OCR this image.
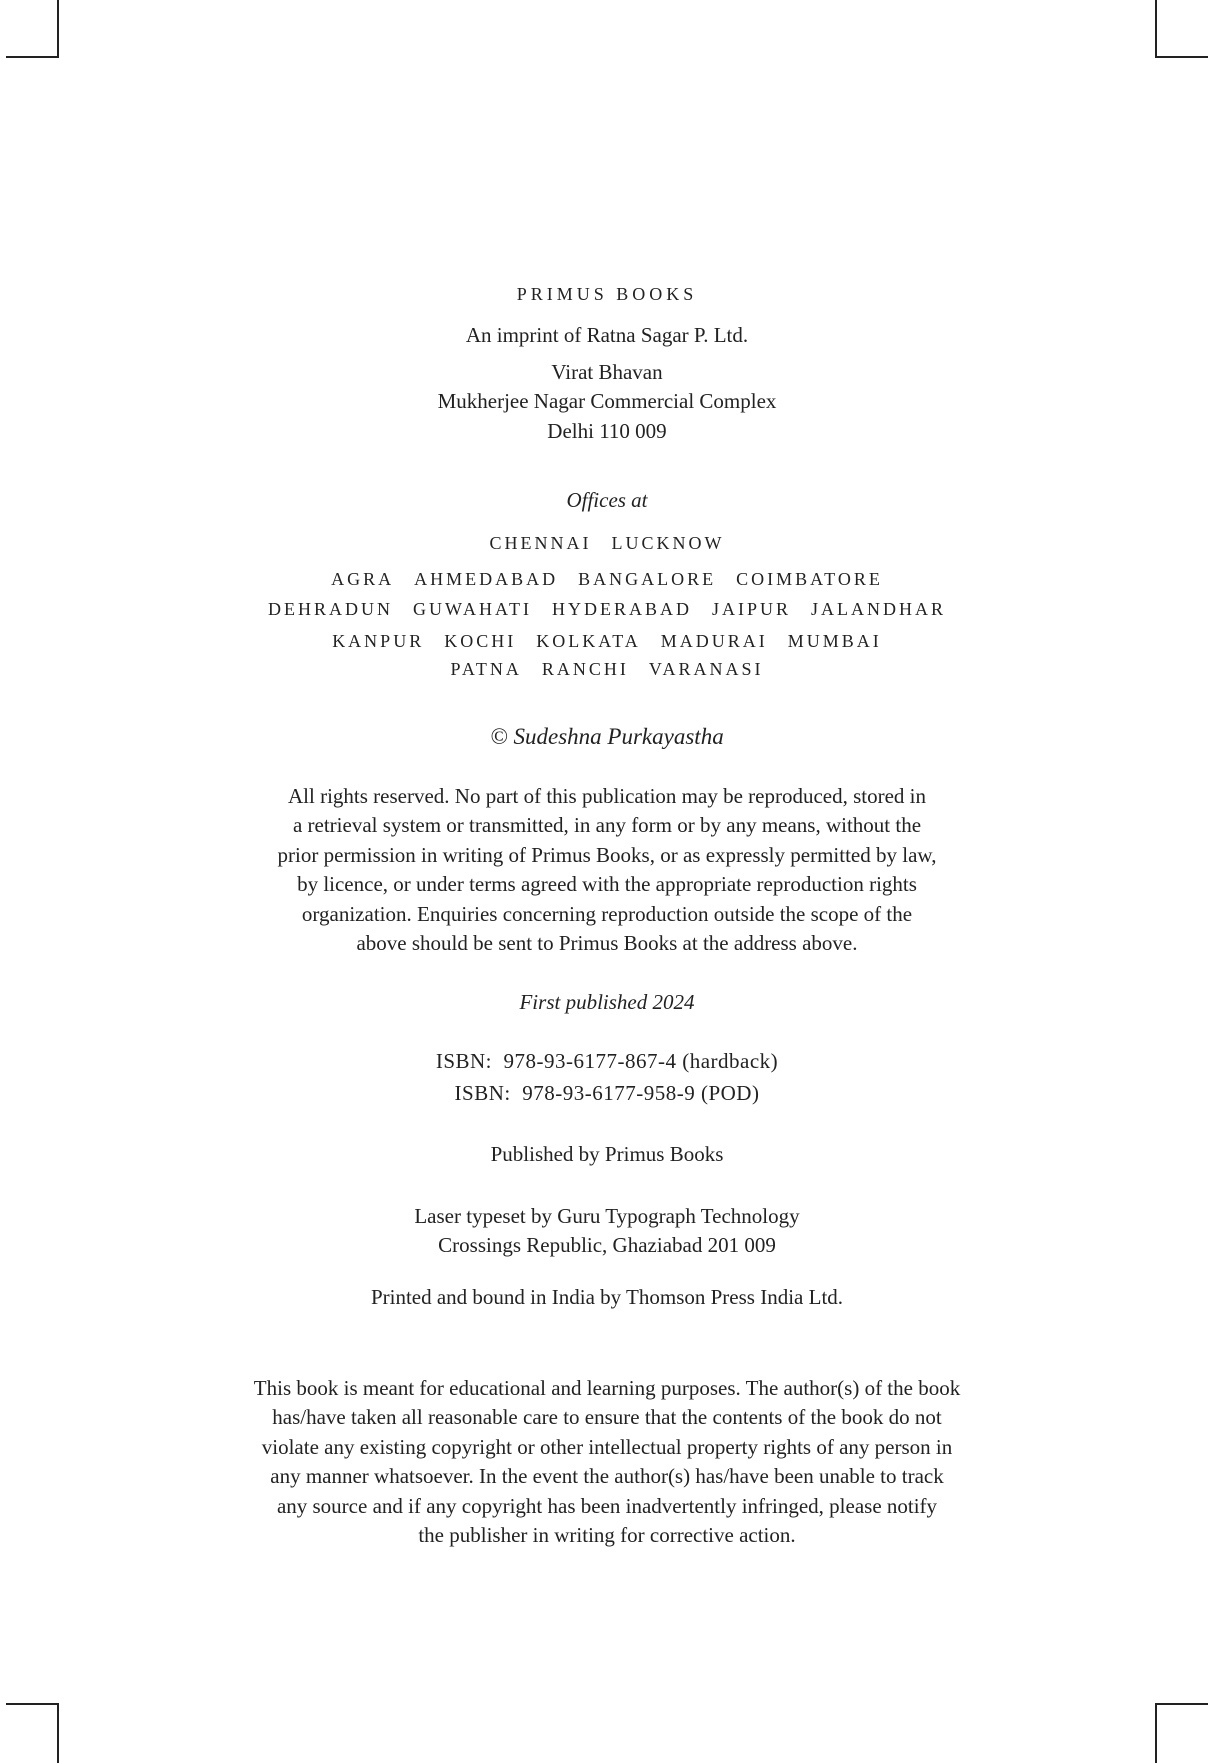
PRIMUS BOOKS
An imprint of Ratna Sagar P. Ltd.
Virat Bhavan
Mukherjee Nagar Commercial Complex
Delhi 110 009
Offices at
CHENNAI LUCKNOW
AGRA AHMEDABAD BANGALORE COIMBATORE
DEHRADUN GUWAHATI HYDERABAD JAIPUR JALANDHAR
KANPUR KOCHI KOLKATA MADURAI MUMBAI
PATNA RANCHI VARANASI
© Sudeshna Purkayastha
All rights reserved. No part of this publication may be reproduced, stored in
a retrieval system or transmitted, in any form or by any means, without the
prior permission in writing of Primus Books, or as expressly permitted by law,
by licence, or under terms agreed with the appropriate reproduction rights
organization. Enquiries concerning reproduction outside the scope of the
above should be sent to Primus Books at the address above.
First published 2024
ISBN:  978-93-6177-867-4 (hardback)
ISBN:  978-93-6177-958-9 (POD)
Published by Primus Books
Laser typeset by Guru Typograph Technology
Crossings Republic, Ghaziabad 201 009
Printed and bound in India by Thomson Press India Ltd.
This book is meant for educational and learning purposes. The author(s) of the book
has/have taken all reasonable care to ensure that the contents of the book do not
violate any existing copyright or other intellectual property rights of any person in
any manner whatsoever. In the event the author(s) has/have been unable to track
any source and if any copyright has been inadvertently infringed, please notify
the publisher in writing for corrective action.
